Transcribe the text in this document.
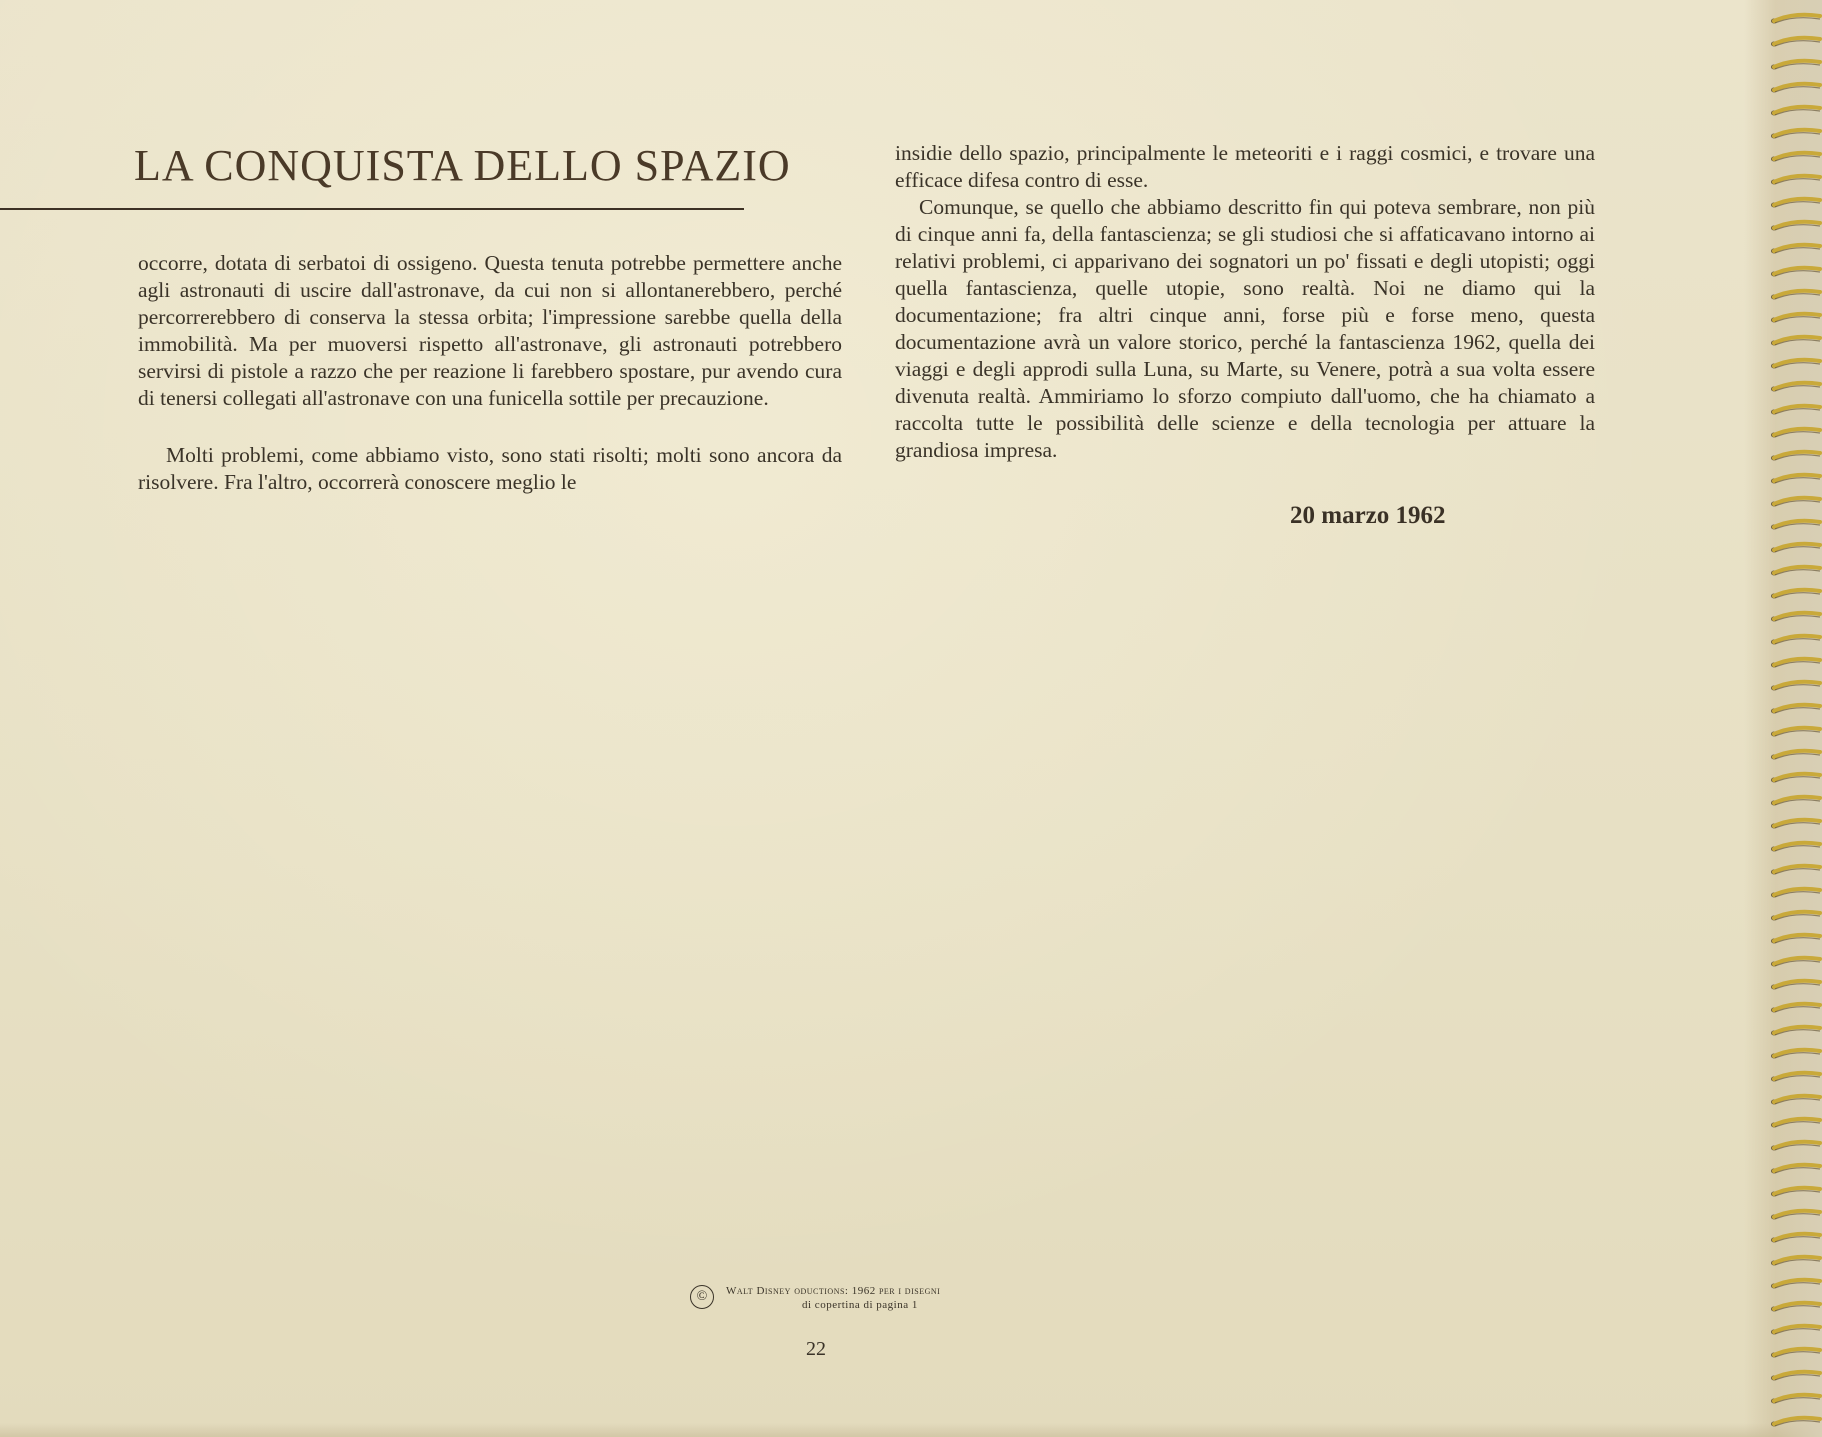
LA CONQUISTA DELLO SPAZIO

occorre, dotata di serbatoi di ossigeno. Questa tenuta potrebbe permettere anche agli astronauti di uscire dall'astronave, da cui non si allontanerebbero, perché percorrerebbero di conserva la stessa orbita; l'impressione sarebbe quella della immobilità. Ma per muoversi rispetto all'astronave, gli astronauti potrebbero servirsi di pistole a razzo che per reazione li farebbero spostare, pur avendo cura di tenersi collegati all'astronave con una funicella sottile per precauzione.

Molti problemi, come abbiamo visto, sono stati risolti; molti sono ancora da risolvere. Fra l'altro, occorrerà conoscere meglio le

insidie dello spazio, principalmente le meteoriti e i raggi cosmici, e trovare una efficace difesa contro di esse.

Comunque, se quello che abbiamo descritto fin qui poteva sembrare, non più di cinque anni fa, della fantascienza; se gli studiosi che si affaticavano intorno ai relativi problemi, ci apparivano dei sognatori un po' fissati e degli utopisti; oggi quella fantascienza, quelle utopie, sono realtà. Noi ne diamo qui la documentazione; fra altri cinque anni, forse più e forse meno, questa documentazione avrà un valore storico, perché la fantascienza 1962, quella dei viaggi e degli approdi sulla Luna, su Marte, su Venere, potrà a sua volta essere divenuta realtà. Ammiriamo lo sforzo compiuto dall'uomo, che ha chiamato a raccolta tutte le possibilità delle scienze e della tecnologia per attuare la grandiosa impresa.

20 marzo 1962
©	Walt Disney oductions: 1962 per i disegni
di copertina di pagina 1
22
